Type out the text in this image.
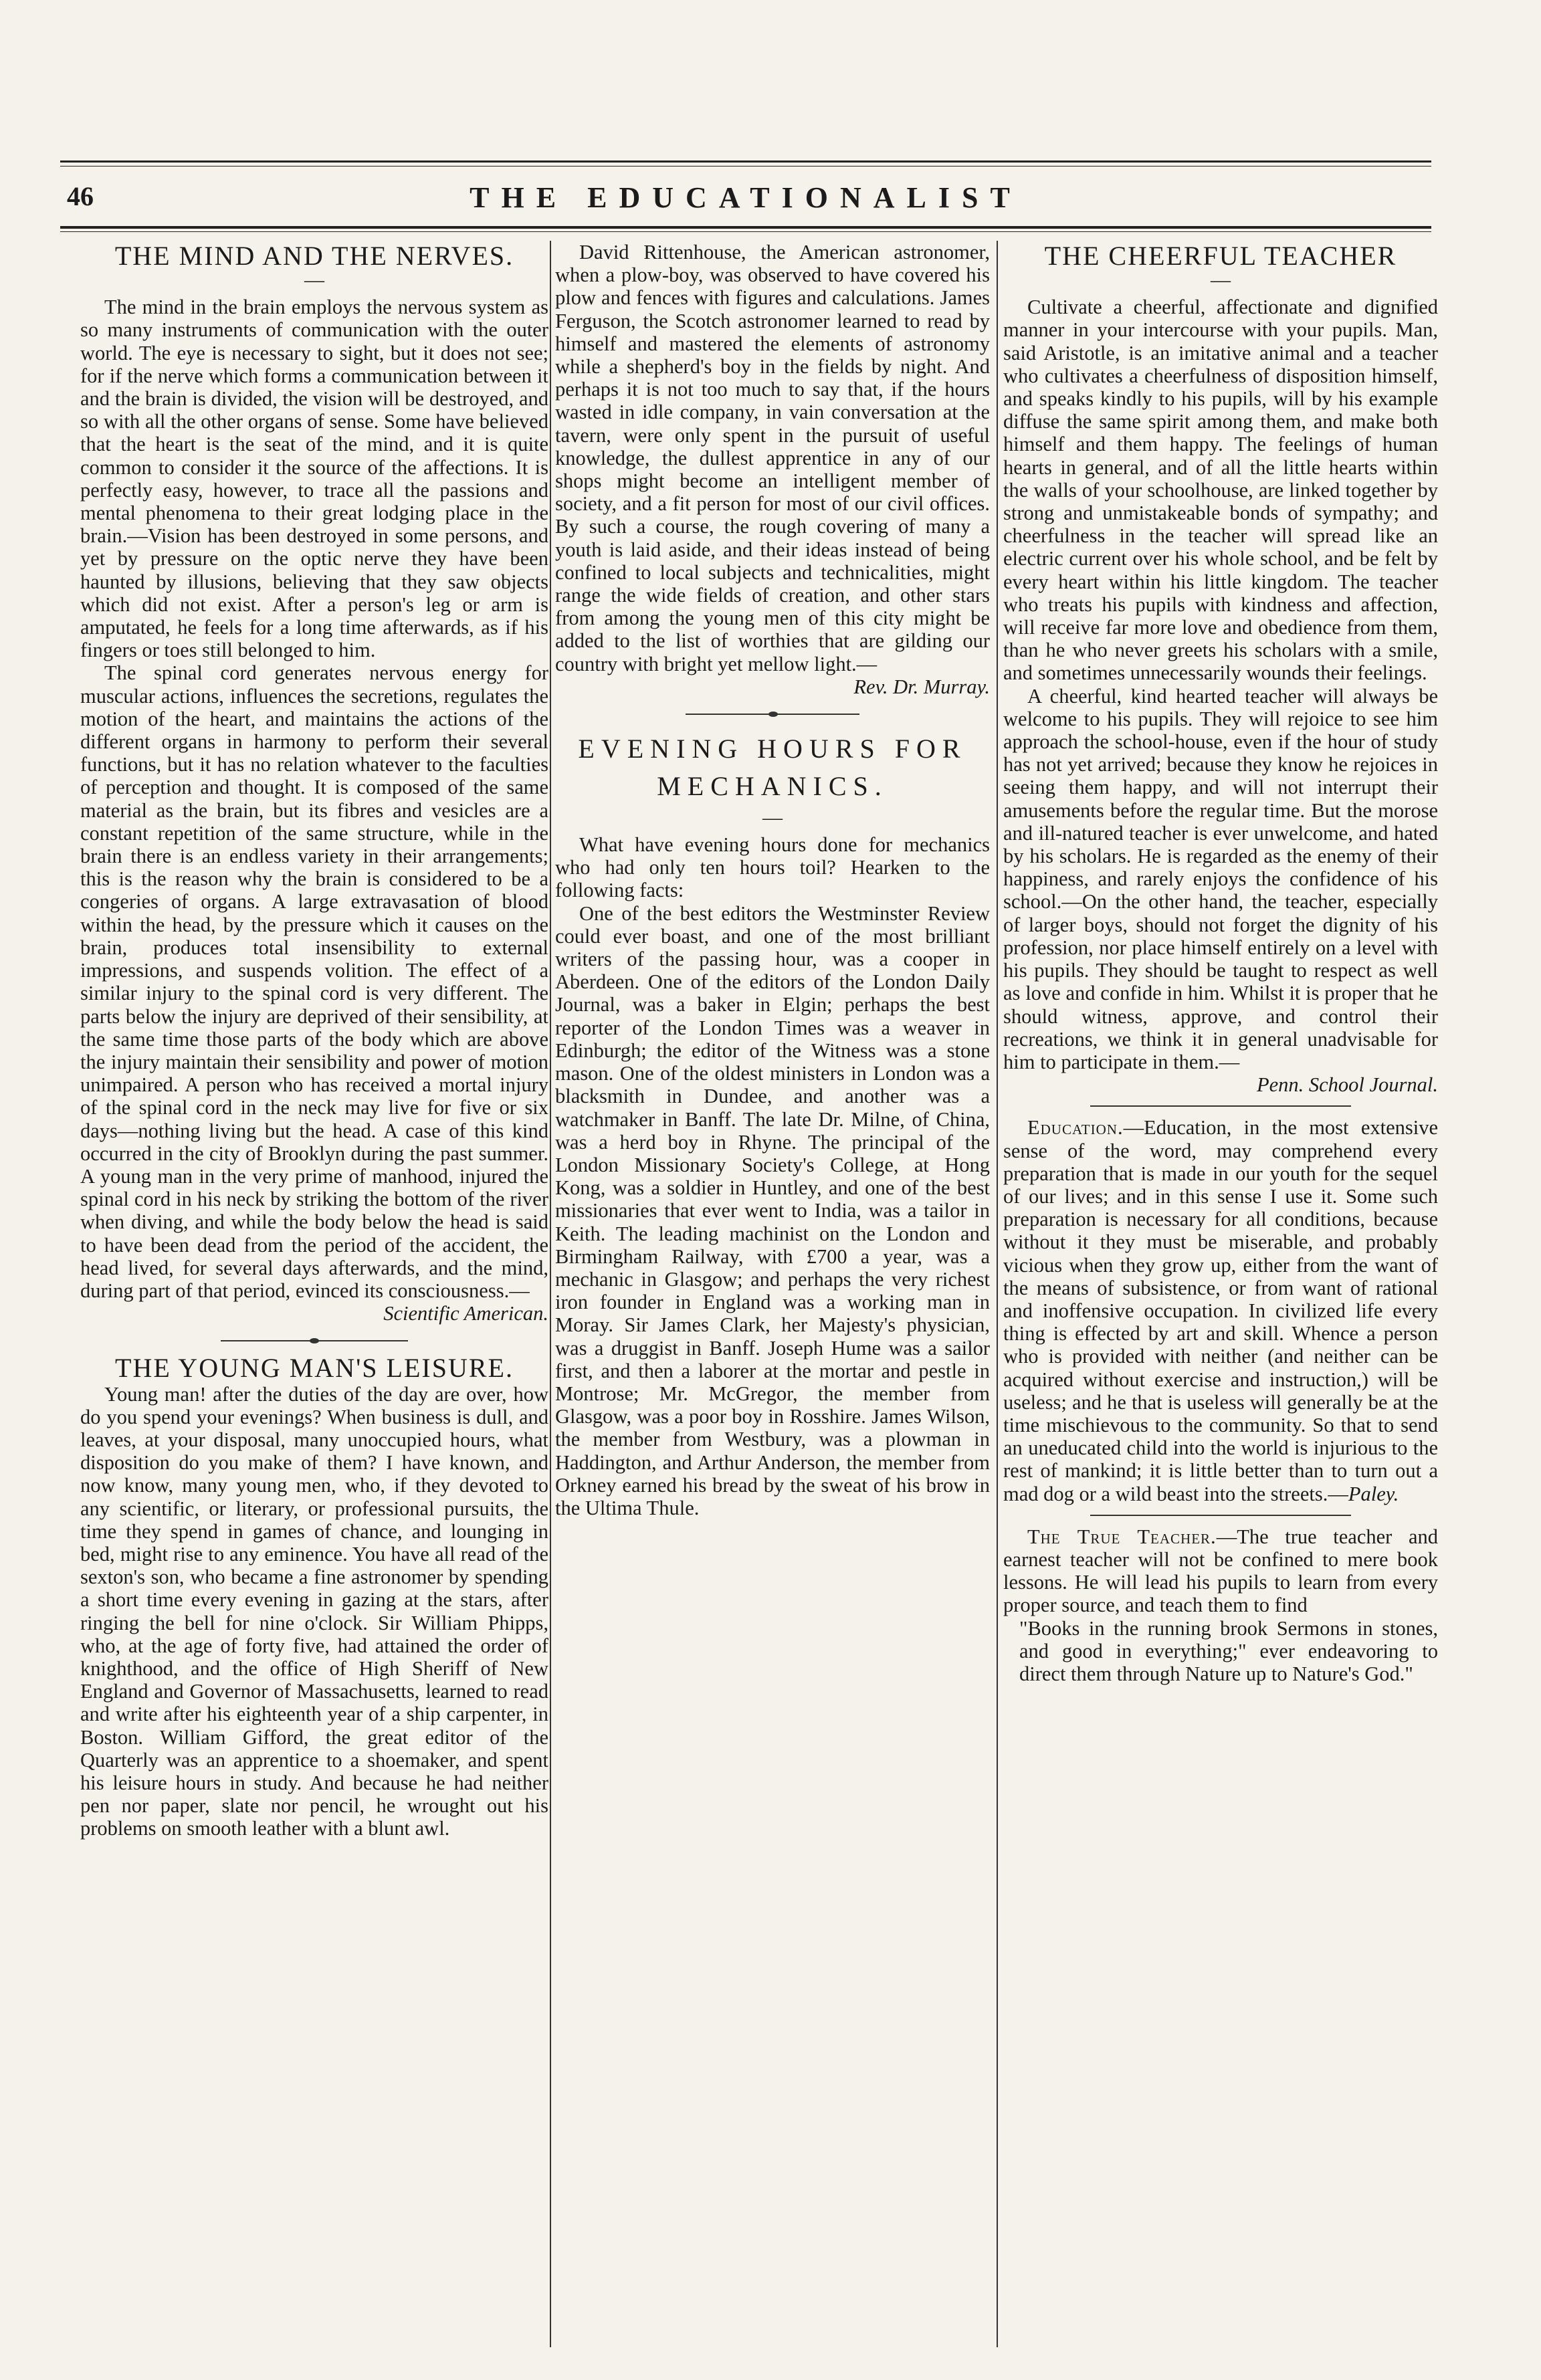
46	THE EDUCATIONALIST
THE MIND AND THE NERVES.
—

The mind in the brain employs the nervous system as so many instruments of communication with the outer world. The eye is necessary to sight, but it does not see; for if the nerve which forms a communication between it and the brain is divided, the vision will be destroyed, and so with all the other organs of sense. Some have believed that the heart is the seat of the mind, and it is quite common to consider it the source of the affections. It is perfectly easy, however, to trace all the passions and mental phenomena to their great lodging place in the brain.—Vision has been destroyed in some persons, and yet by pressure on the optic nerve they have been haunted by illusions, believing that they saw objects which did not exist. After a person's leg or arm is amputated, he feels for a long time afterwards, as if his fingers or toes still belonged to him.

The spinal cord generates nervous energy for muscular actions, influences the secretions, regulates the motion of the heart, and maintains the actions of the different organs in harmony to perform their several functions, but it has no relation whatever to the faculties of perception and thought. It is composed of the same material as the brain, but its fibres and vesicles are a constant repetition of the same structure, while in the brain there is an endless variety in their arrangements; this is the reason why the brain is considered to be a congeries of organs. A large extravasation of blood within the head, by the pressure which it causes on the brain, produces total insensibility to external impressions, and suspends volition. The effect of a similar injury to the spinal cord is very different. The parts below the injury are deprived of their sensibility, at the same time those parts of the body which are above the injury maintain their sensibility and power of motion unimpaired. A person who has received a mortal injury of the spinal cord in the neck may live for five or six days—nothing living but the head. A case of this kind occurred in the city of Brooklyn during the past summer. A young man in the very prime of manhood, injured the spinal cord in his neck by striking the bottom of the river when diving, and while the body below the head is said to have been dead from the period of the accident, the head lived, for several days afterwards, and the mind, during part of that period, evinced its consciousness.—

Scientific American.

THE YOUNG MAN'S LEISURE.

Young man! after the duties of the day are over, how do you spend your evenings? When business is dull, and leaves, at your disposal, many unoccupied hours, what disposition do you make of them? I have known, and now know, many young men, who, if they devoted to any scientific, or literary, or professional pursuits, the time they spend in games of chance, and lounging in bed, might rise to any eminence. You have all read of the sexton's son, who became a fine astronomer by spending a short time every evening in gazing at the stars, after ringing the bell for nine o'clock. Sir William Phipps, who, at the age of forty five, had attained the order of knighthood, and the office of High Sheriff of New England and Governor of Massachusetts, learned to read and write after his eighteenth year of a ship carpenter, in Boston. William Gifford, the great editor of the Quarterly was an apprentice to a shoemaker, and spent his leisure hours in study. And because he had neither pen nor paper, slate nor pencil, he wrought out his problems on smooth leather with a blunt awl.

David Rittenhouse, the American astronomer, when a plow-boy, was observed to have covered his plow and fences with figures and calculations. James Ferguson, the Scotch astronomer learned to read by himself and mastered the elements of astronomy while a shepherd's boy in the fields by night. And perhaps it is not too much to say that, if the hours wasted in idle company, in vain conversation at the tavern, were only spent in the pursuit of useful knowledge, the dullest apprentice in any of our shops might become an intelligent member of society, and a fit person for most of our civil offices. By such a course, the rough covering of many a youth is laid aside, and their ideas instead of being confined to local subjects and technicalities, might range the wide fields of creation, and other stars from among the young men of this city might be added to the list of worthies that are gilding our country with bright yet mellow light.—

Rev. Dr. Murray.

EVENING HOURS FOR MECHANICS.
—

What have evening hours done for mechanics who had only ten hours toil? Hearken to the following facts:

One of the best editors the Westminster Review could ever boast, and one of the most brilliant writers of the passing hour, was a cooper in Aberdeen. One of the editors of the London Daily Journal, was a baker in Elgin; perhaps the best reporter of the London Times was a weaver in Edinburgh; the editor of the Witness was a stone mason. One of the oldest ministers in London was a blacksmith in Dundee, and another was a watchmaker in Banff. The late Dr. Milne, of China, was a herd boy in Rhyne. The principal of the London Missionary Society's College, at Hong Kong, was a soldier in Huntley, and one of the best missionaries that ever went to India, was a tailor in Keith. The leading machinist on the London and Birmingham Railway, with £700 a year, was a mechanic in Glasgow; and perhaps the very richest iron founder in England was a working man in Moray. Sir James Clark, her Majesty's physician, was a druggist in Banff. Joseph Hume was a sailor first, and then a laborer at the mortar and pestle in Montrose; Mr. McGregor, the member from Glasgow, was a poor boy in Rosshire. James Wilson, the member from Westbury, was a plowman in Haddington, and Arthur Anderson, the member from Orkney earned his bread by the sweat of his brow in the Ultima Thule.

THE CHEERFUL TEACHER
—

Cultivate a cheerful, affectionate and dignified manner in your intercourse with your pupils. Man, said Aristotle, is an imitative animal and a teacher who cultivates a cheerfulness of disposition himself, and speaks kindly to his pupils, will by his example diffuse the same spirit among them, and make both himself and them happy. The feelings of human hearts in general, and of all the little hearts within the walls of your schoolhouse, are linked together by strong and unmistakeable bonds of sympathy; and cheerfulness in the teacher will spread like an electric current over his whole school, and be felt by every heart within his little kingdom. The teacher who treats his pupils with kindness and affection, will receive far more love and obedience from them, than he who never greets his scholars with a smile, and sometimes unnecessarily wounds their feelings.

A cheerful, kind hearted teacher will always be welcome to his pupils. They will rejoice to see him approach the school-house, even if the hour of study has not yet arrived; because they know he rejoices in seeing them happy, and will not interrupt their amusements before the regular time. But the morose and ill-natured teacher is ever unwelcome, and hated by his scholars. He is regarded as the enemy of their happiness, and rarely enjoys the confidence of his school.—On the other hand, the teacher, especially of larger boys, should not forget the dignity of his profession, nor place himself entirely on a level with his pupils. They should be taught to respect as well as love and confide in him. Whilst it is proper that he should witness, approve, and control their recreations, we think it in general unadvisable for him to participate in them.—

Penn. School Journal.

Education.—Education, in the most extensive sense of the word, may comprehend every preparation that is made in our youth for the sequel of our lives; and in this sense I use it. Some such preparation is necessary for all conditions, because without it they must be miserable, and probably vicious when they grow up, either from the want of the means of subsistence, or from want of rational and inoffensive occupation. In civilized life every thing is effected by art and skill. Whence a person who is provided with neither (and neither can be acquired without exercise and instruction,) will be useless; and he that is useless will generally be at the time mischievous to the community. So that to send an uneducated child into the world is injurious to the rest of mankind; it is little better than to turn out a mad dog or a wild beast into the streets.—Paley.

The True Teacher.—The true teacher and earnest teacher will not be confined to mere book lessons. He will lead his pupils to learn from every proper source, and teach them to find

"Books in the running brook Sermons in stones, and good in everything;" ever endeavoring to direct them through Nature up to Nature's God."
